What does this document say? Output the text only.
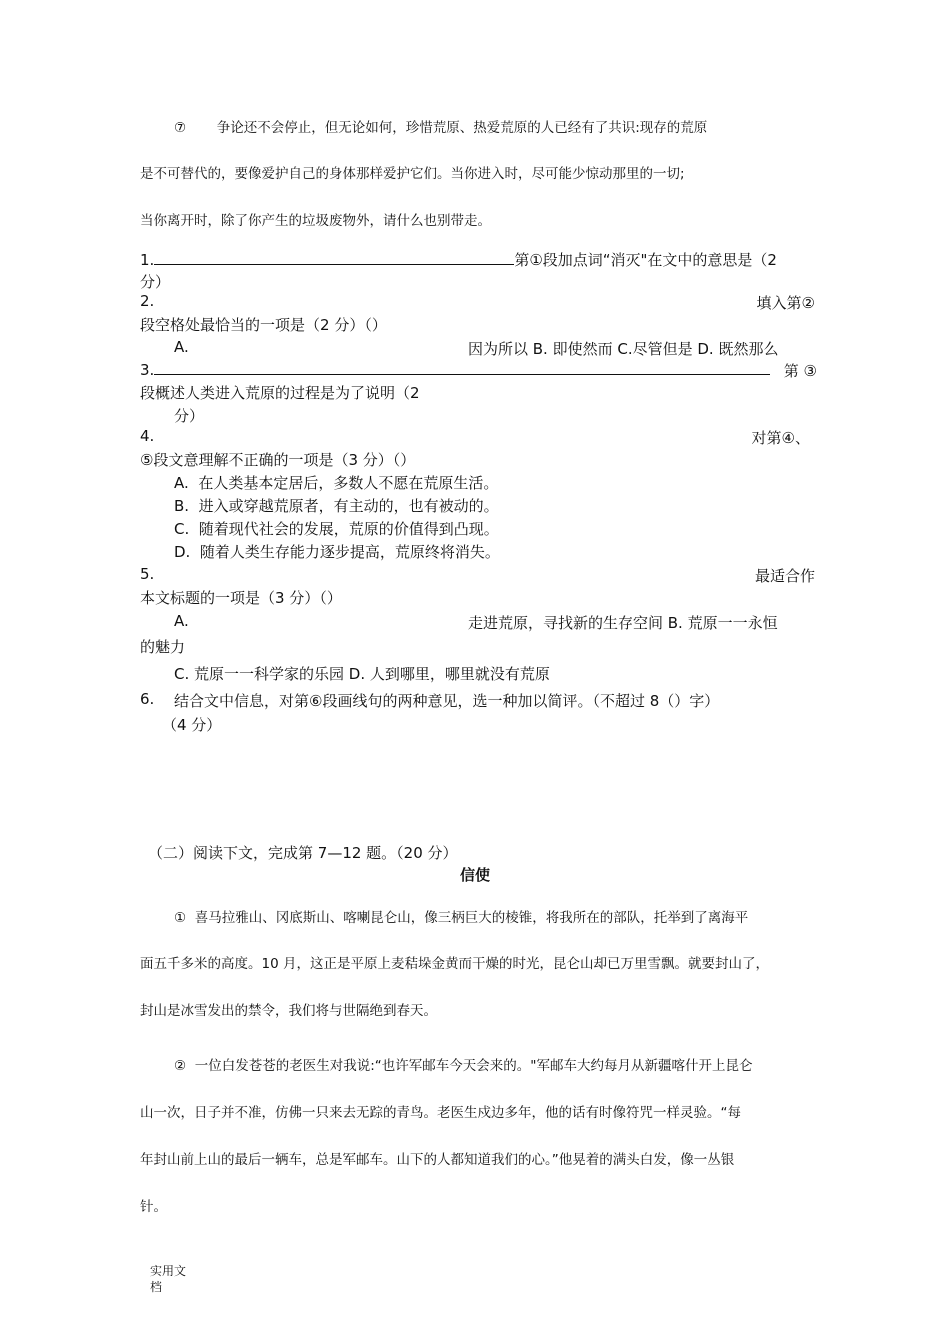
⑦ 争论还不会停止，但无论如何，珍惜荒原、热爱荒原的人已经有了共识:现存的荒原
是不可替代的，要像爱护自己的身体那样爱护它们。当你进入时，尽可能少惊动那里的一切;
当你离开时，除了你产生的垃圾废物外，请什么也别带走。
1.	第①段加点词“消灭"在文中的意思是（2
分）
2.	填入第②
段空格处最恰当的一项是（2 分）（）
A.	因为所以 B. 即使然而 C.尽管但是 D. 既然那么
3.	第 ③
段概述人类进入荒原的过程是为了说明（2
分）
4.	对第④、
⑤段文意理解不正确的一项是（3 分）（）
A. 在人类基本定居后，多数人不愿在荒原生活。
B. 进入或穿越荒原者，有主动的，也有被动的。
C. 随着现代社会的发展，荒原的价值得到凸现。
D. 随着人类生存能力逐步提高，荒原终将消失。
5.	最适合作
本文标题的一项是（3 分）（）
A.	走进荒原，寻找新的生存空间 B. 荒原一一永恒
的魅力
C. 荒原一一科学家的乐园 D. 人到哪里，哪里就没有荒原
6. 结合文中信息，对第⑥段画线句的两种意见，选一种加以简评。（不超过 8（）字）
（4 分）
（二）阅读下文，完成第 7—12 题。（20 分）
信使
① 喜马拉雅山、冈底斯山、喀喇昆仑山，像三柄巨大的棱锥，将我所在的部队，托举到了离海平
面五千多米的高度。10 月，这正是平原上麦秸垛金黄而干燥的时光，昆仑山却已万里雪飘。就要封山了，
封山是冰雪发出的禁令，我们将与世隔绝到春天。
② 一位白发苍苍的老医生对我说:“也许军邮车今天会来的。"军邮车大约每月从新疆喀什开上昆仑
山一次，日子并不准，仿佛一只来去无踪的青鸟。老医生戍边多年，他的话有时像符咒一样灵验。“每
年封山前上山的最后一辆车，总是军邮车。山下的人都知道我们的心。”他晃着的满头白发，像一丛银
针。
实用文
档
